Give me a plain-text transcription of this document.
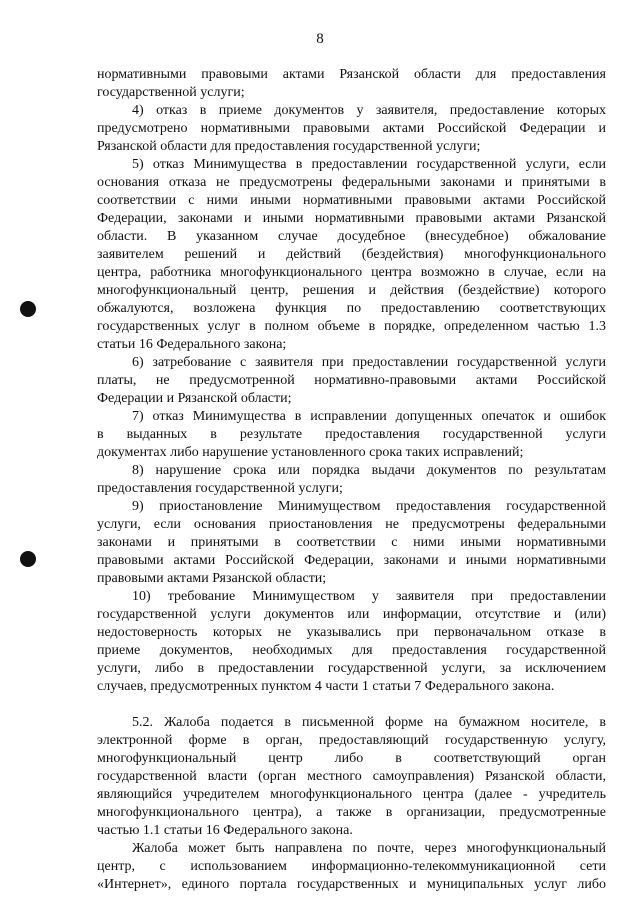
8
нормативными правовыми актами Рязанской области для предоставления
государственной услуги;
4) отказ в приеме документов у заявителя, предоставление которых
предусмотрено нормативными правовыми актами Российской Федерации и
Рязанской области для предоставления государственной услуги;
5) отказ Минимущества в предоставлении государственной услуги, если
основания отказа не предусмотрены федеральными законами и принятыми в
соответствии с ними иными нормативными правовыми актами Российской
Федерации, законами и иными нормативными правовыми актами Рязанской
области. В указанном случае досудебное (внесудебное) обжалование
заявителем решений и действий (бездействия) многофункционального
центра, работника многофункционального центра возможно в случае, если на
многофункциональный центр, решения и действия (бездействие) которого
обжалуются, возложена функция по предоставлению соответствующих
государственных услуг в полном объеме в порядке, определенном частью 1.3
статьи 16 Федерального закона;
6) затребование с заявителя при предоставлении государственной услуги
платы, не предусмотренной нормативно-правовыми актами Российской
Федерации и Рязанской области;
7) отказ Минимущества в исправлении допущенных опечаток и ошибок
в выданных в результате предоставления государственной услуги
документах либо нарушение установленного срока таких исправлений;
8) нарушение срока или порядка выдачи документов по результатам
предоставления государственной услуги;
9) приостановление Минимуществом предоставления государственной
услуги, если основания приостановления не предусмотрены федеральными
законами и принятыми в соответствии с ними иными нормативными
правовыми актами Российской Федерации, законами и иными нормативными
правовыми актами Рязанской области;
10) требование Минимуществом у заявителя при предоставлении
государственной услуги документов или информации, отсутствие и (или)
недостоверность которых не указывались при первоначальном отказе в
приеме документов, необходимых для предоставления государственной
услуги, либо в предоставлении государственной услуги, за исключением
случаев, предусмотренных пунктом 4 части 1 статьи 7 Федерального закона.
5.2. Жалоба подается в письменной форме на бумажном носителе, в
электронной форме в орган, предоставляющий государственную услугу,
многофункциональный центр либо в соответствующий орган
государственной власти (орган местного самоуправления) Рязанской области,
являющийся учредителем многофункционального центра (далее - учредитель
многофункционального центра), а также в организации, предусмотренные
частью 1.1 статьи 16 Федерального закона.
Жалоба может быть направлена по почте, через многофункциональный
центр, с использованием информационно-телекоммуникационной сети
«Интернет», единого портала государственных и муниципальных услуг либо
